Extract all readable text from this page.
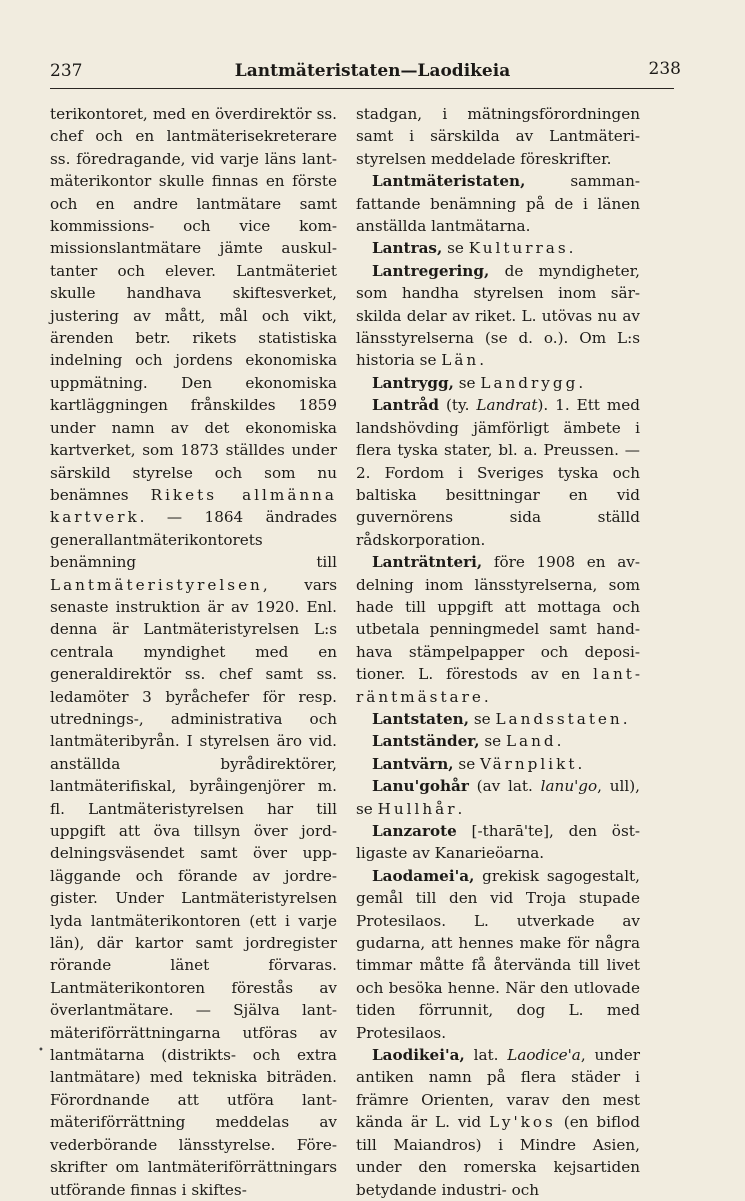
237	Lantmäteristaten—Laodikeia	238

terikontoret, med en överdirektör ss. chef och en lantmäterisekreterare ss. föredragande, vid varje läns lantmäterikontor skulle finnas en förste och en andre lantmätare samt kommissions- och vice kommissionslantmätare jämte auskultanter och elever. Lantmäteriet skulle handhava skiftesverket, justering av mått, mål och vikt, ärenden betr. rikets statistiska indelning och jordens ekonomiska uppmätning. Den ekonomiska kartläggningen frånskildes 1859 under namn av det ekonomiska kartverket, som 1873 ställdes under särskild styrelse och som nu benämnes Rikets allmänna kartverk. — 1864 ändrades generallantmäterikontorets benämning till Lantmäteristyrelsen, vars senaste instruktion är av 1920. Enl. denna är Lantmäteristyrelsen L:s centrala myndighet med en generaldirektör ss. chef samt ss. ledamöter 3 byråchefer för resp. utrednings-, administrativa och lantmäteribyrån. I styrelsen äro vid. anställda byrådirektörer, lantmäterifiskal, byråingenjörer m. fl. Lantmäteristyrelsen har till uppgift att öva tillsyn över jorddelningsväsendet samt över uppläggande och förande av jordregister. Under Lantmäteristyrelsen lyda lantmäterikontoren (ett i varje län), där kartor samt jordregister rörande länet förvaras. Lantmäterikontoren förestås av överlantmätare. — Själva lantmäteriförrättningarna utföras av lantmätarna (distrikts- och extra lantmätare) med tekniska biträden. Förordnande att utföra lantmäteriförrättning meddelas av vederbörande länsstyrelse. Föreskrifter om lantmäteriförrättningars utförande finnas i skiftes-

stadgan, i mätningsförordningen samt i särskilda av Lantmäteristyrelsen meddelade föreskrifter.

Lantmäteristaten, sammanfattande benämning på de i länen anställda lantmätarna.

Lantras, se Kulturras.

Lantregering, de myndigheter, som handha styrelsen inom särskilda delar av riket. L. utövas nu av länsstyrelserna (se d. o.). Om L:s historia se Län.

Lantrygg, se Landrygg.

Lantråd (ty. Landrat). 1. Ett med landshövding jämförligt ämbete i flera tyska stater, bl. a. Preussen. — 2. Fordom i Sveriges tyska och baltiska besittningar en vid guvernörens sida ställd rådskorporation.

Lanträtnteri, före 1908 en avdelning inom länsstyrelserna, som hade till uppgift att mottaga och utbetala penningmedel samt handhava stämpelpapper och depositioner. L. förestods av en lanträntmästare.

Lantstaten, se Landsstaten.

Lantständer, se Land.

Lantvärn, se Värnplikt.

Lanu'gohår (av lat. lanu'go, ull), se Hullhår.

Lanzarote [-tharā'te], den östligaste av Kanarieöarna.

Laodamei'a, grekisk sagogestalt, gemål till den vid Troja stupade Protesilaos. L. utverkade av gudarna, att hennes make för några timmar måtte få återvända till livet och besöka henne. När den utlovade tiden förrunnit, dog L. med Protesilaos.

Laodikei'a, lat. Laodice'a, under antiken namn på flera städer i främre Orienten, varav den mest kända är L. vid Ly'kos (en biflod till Maiandros) i Mindre Asien, under den romerska kejsartiden betydande industri- och

•
